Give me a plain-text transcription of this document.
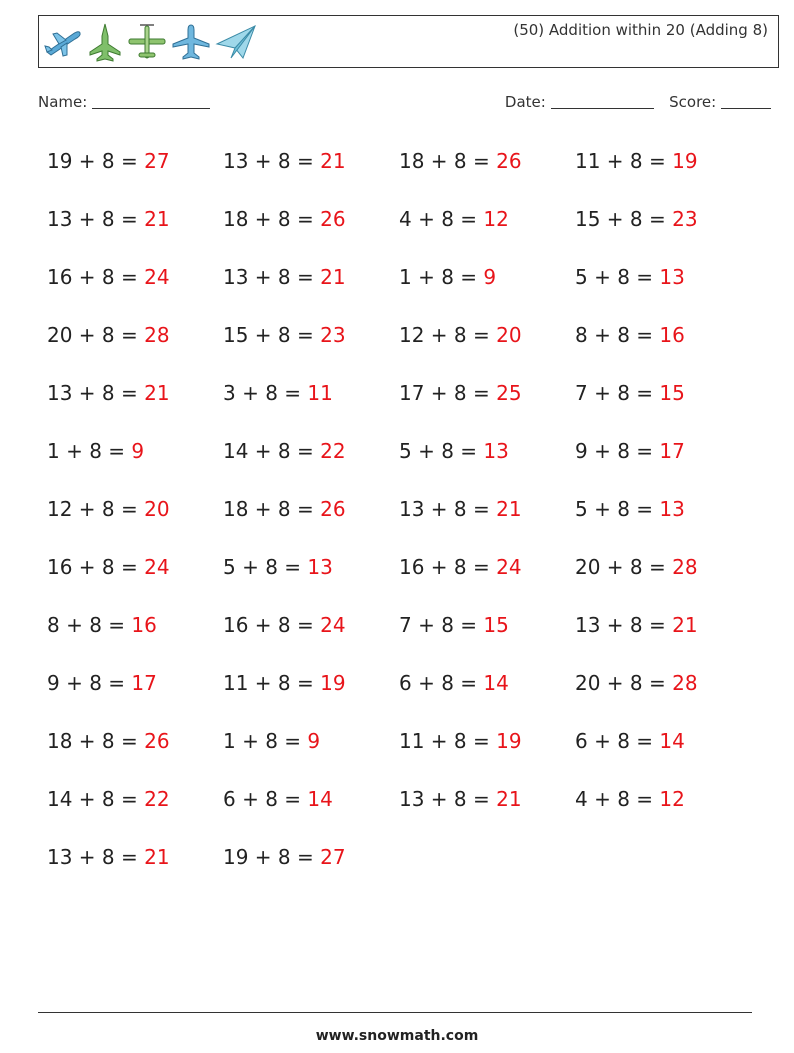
(50) Addition within 20 (Adding 8)
Name:	Date:	Score:
19 + 8 = 27	13 + 8 = 21	18 + 8 = 26	11 + 8 = 19
13 + 8 = 21	18 + 8 = 26	4 + 8 = 12	15 + 8 = 23
16 + 8 = 24	13 + 8 = 21	1 + 8 = 9	5 + 8 = 13
20 + 8 = 28	15 + 8 = 23	12 + 8 = 20	8 + 8 = 16
13 + 8 = 21	3 + 8 = 11	17 + 8 = 25	7 + 8 = 15
1 + 8 = 9	14 + 8 = 22	5 + 8 = 13	9 + 8 = 17
12 + 8 = 20	18 + 8 = 26	13 + 8 = 21	5 + 8 = 13
16 + 8 = 24	5 + 8 = 13	16 + 8 = 24	20 + 8 = 28
8 + 8 = 16	16 + 8 = 24	7 + 8 = 15	13 + 8 = 21
9 + 8 = 17	11 + 8 = 19	6 + 8 = 14	20 + 8 = 28
18 + 8 = 26	1 + 8 = 9	11 + 8 = 19	6 + 8 = 14
14 + 8 = 22	6 + 8 = 14	13 + 8 = 21	4 + 8 = 12
13 + 8 = 21	19 + 8 = 27
www.snowmath.com
